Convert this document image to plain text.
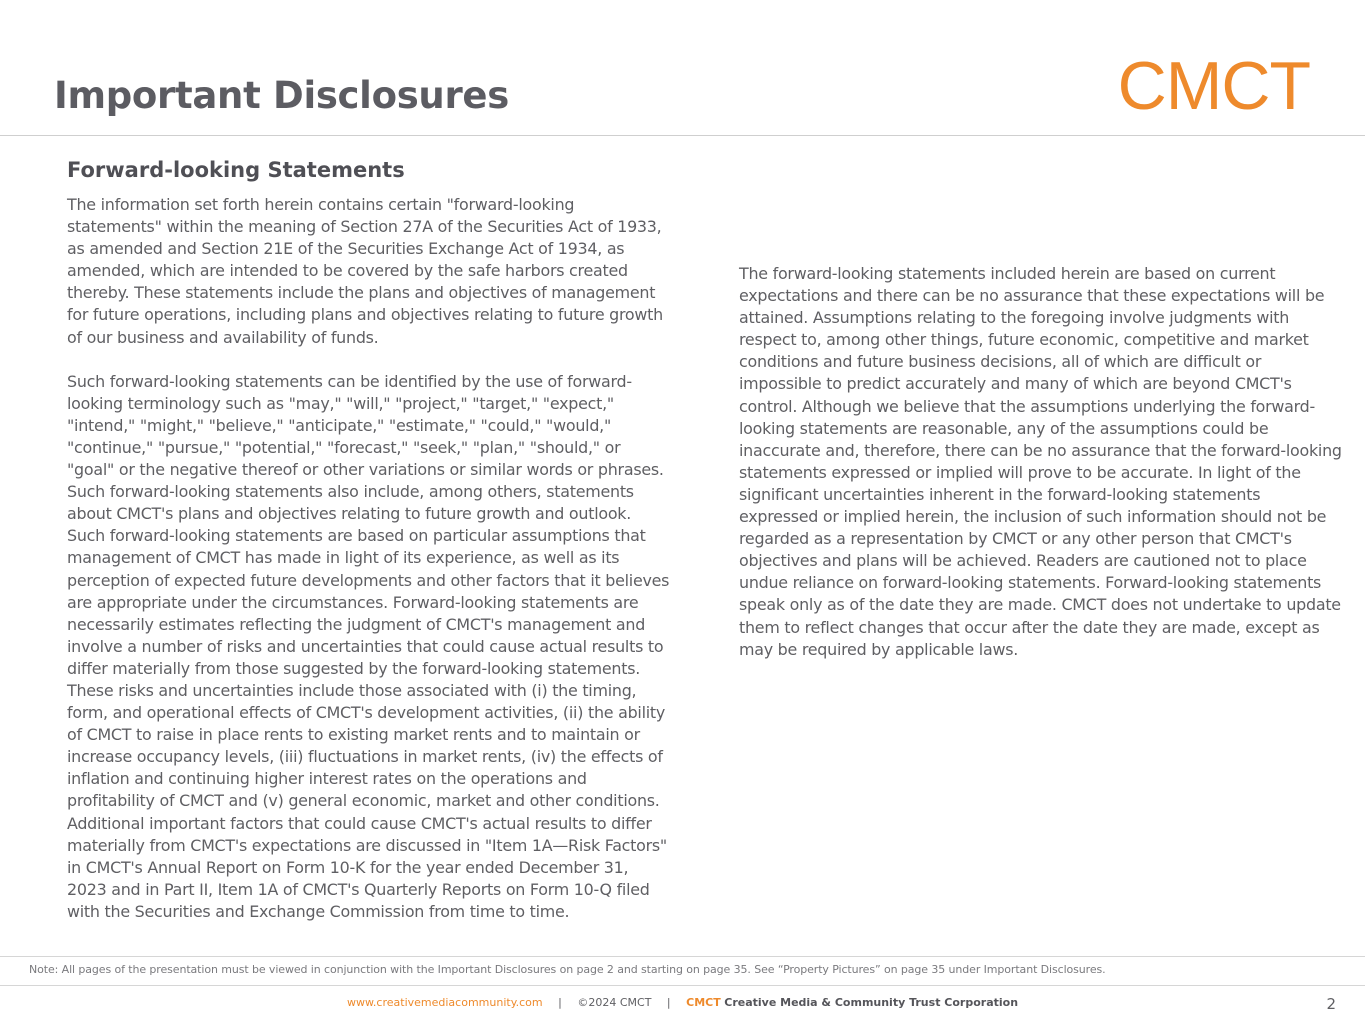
Important Disclosures	CMCT
Forward-looking Statements

The information set forth herein contains certain "forward-looking statements" within the meaning of Section 27A of the Securities Act of 1933, as amended and Section 21E of the Securities Exchange Act of 1934, as amended, which are intended to be covered by the safe harbors created thereby. These statements include the plans and objectives of management for future operations, including plans and objectives relating to future growth of our business and availability of funds.

Such forward-looking statements can be identified by the use of forward-looking terminology such as "may," "will," "project," "target," "expect," "intend," "might," "believe," "anticipate," "estimate," "could," "would," "continue," "pursue," "potential," "forecast," "seek," "plan," "should," or "goal" or the negative thereof or other variations or similar words or phrases. Such forward-looking statements also include, among others, statements about CMCT's plans and objectives relating to future growth and outlook. Such forward-looking statements are based on particular assumptions that management of CMCT has made in light of its experience, as well as its perception of expected future developments and other factors that it believes are appropriate under the circumstances. Forward-looking statements are necessarily estimates reflecting the judgment of CMCT's management and involve a number of risks and uncertainties that could cause actual results to differ materially from those suggested by the forward-looking statements. These risks and uncertainties include those associated with (i) the timing, form, and operational effects of CMCT's development activities, (ii) the ability of CMCT to raise in place rents to existing market rents and to maintain or increase occupancy levels, (iii) fluctuations in market rents, (iv) the effects of inflation and continuing higher interest rates on the operations and profitability of CMCT and (v) general economic, market and other conditions. Additional important factors that could cause CMCT's actual results to differ materially from CMCT's expectations are discussed in "Item 1A—Risk Factors" in CMCT's Annual Report on Form 10-K for the year ended December 31, 2023 and in Part II, Item 1A of CMCT's Quarterly Reports on Form 10-Q filed with the Securities and Exchange Commission from time to time.

The forward-looking statements included herein are based on current expectations and there can be no assurance that these expectations will be attained. Assumptions relating to the foregoing involve judgments with respect to, among other things, future economic, competitive and market conditions and future business decisions, all of which are difficult or impossible to predict accurately and many of which are beyond CMCT's control. Although we believe that the assumptions underlying the forward-looking statements are reasonable, any of the assumptions could be inaccurate and, therefore, there can be no assurance that the forward-looking statements expressed or implied will prove to be accurate. In light of the significant uncertainties inherent in the forward-looking statements expressed or implied herein, the inclusion of such information should not be regarded as a representation by CMCT or any other person that CMCT's objectives and plans will be achieved. Readers are cautioned not to place undue reliance on forward-looking statements. Forward-looking statements speak only as of the date they are made. CMCT does not undertake to update them to reflect changes that occur after the date they are made, except as may be required by applicable laws.

Note: All pages of the presentation must be viewed in conjunction with the Important Disclosures on page 2 and starting on page 35. See “Property Pictures” on page 35 under Important Disclosures.
www.creativemediacommunity.com | ©2024 CMCT | CMCT Creative Media & Community Trust Corporation	2
